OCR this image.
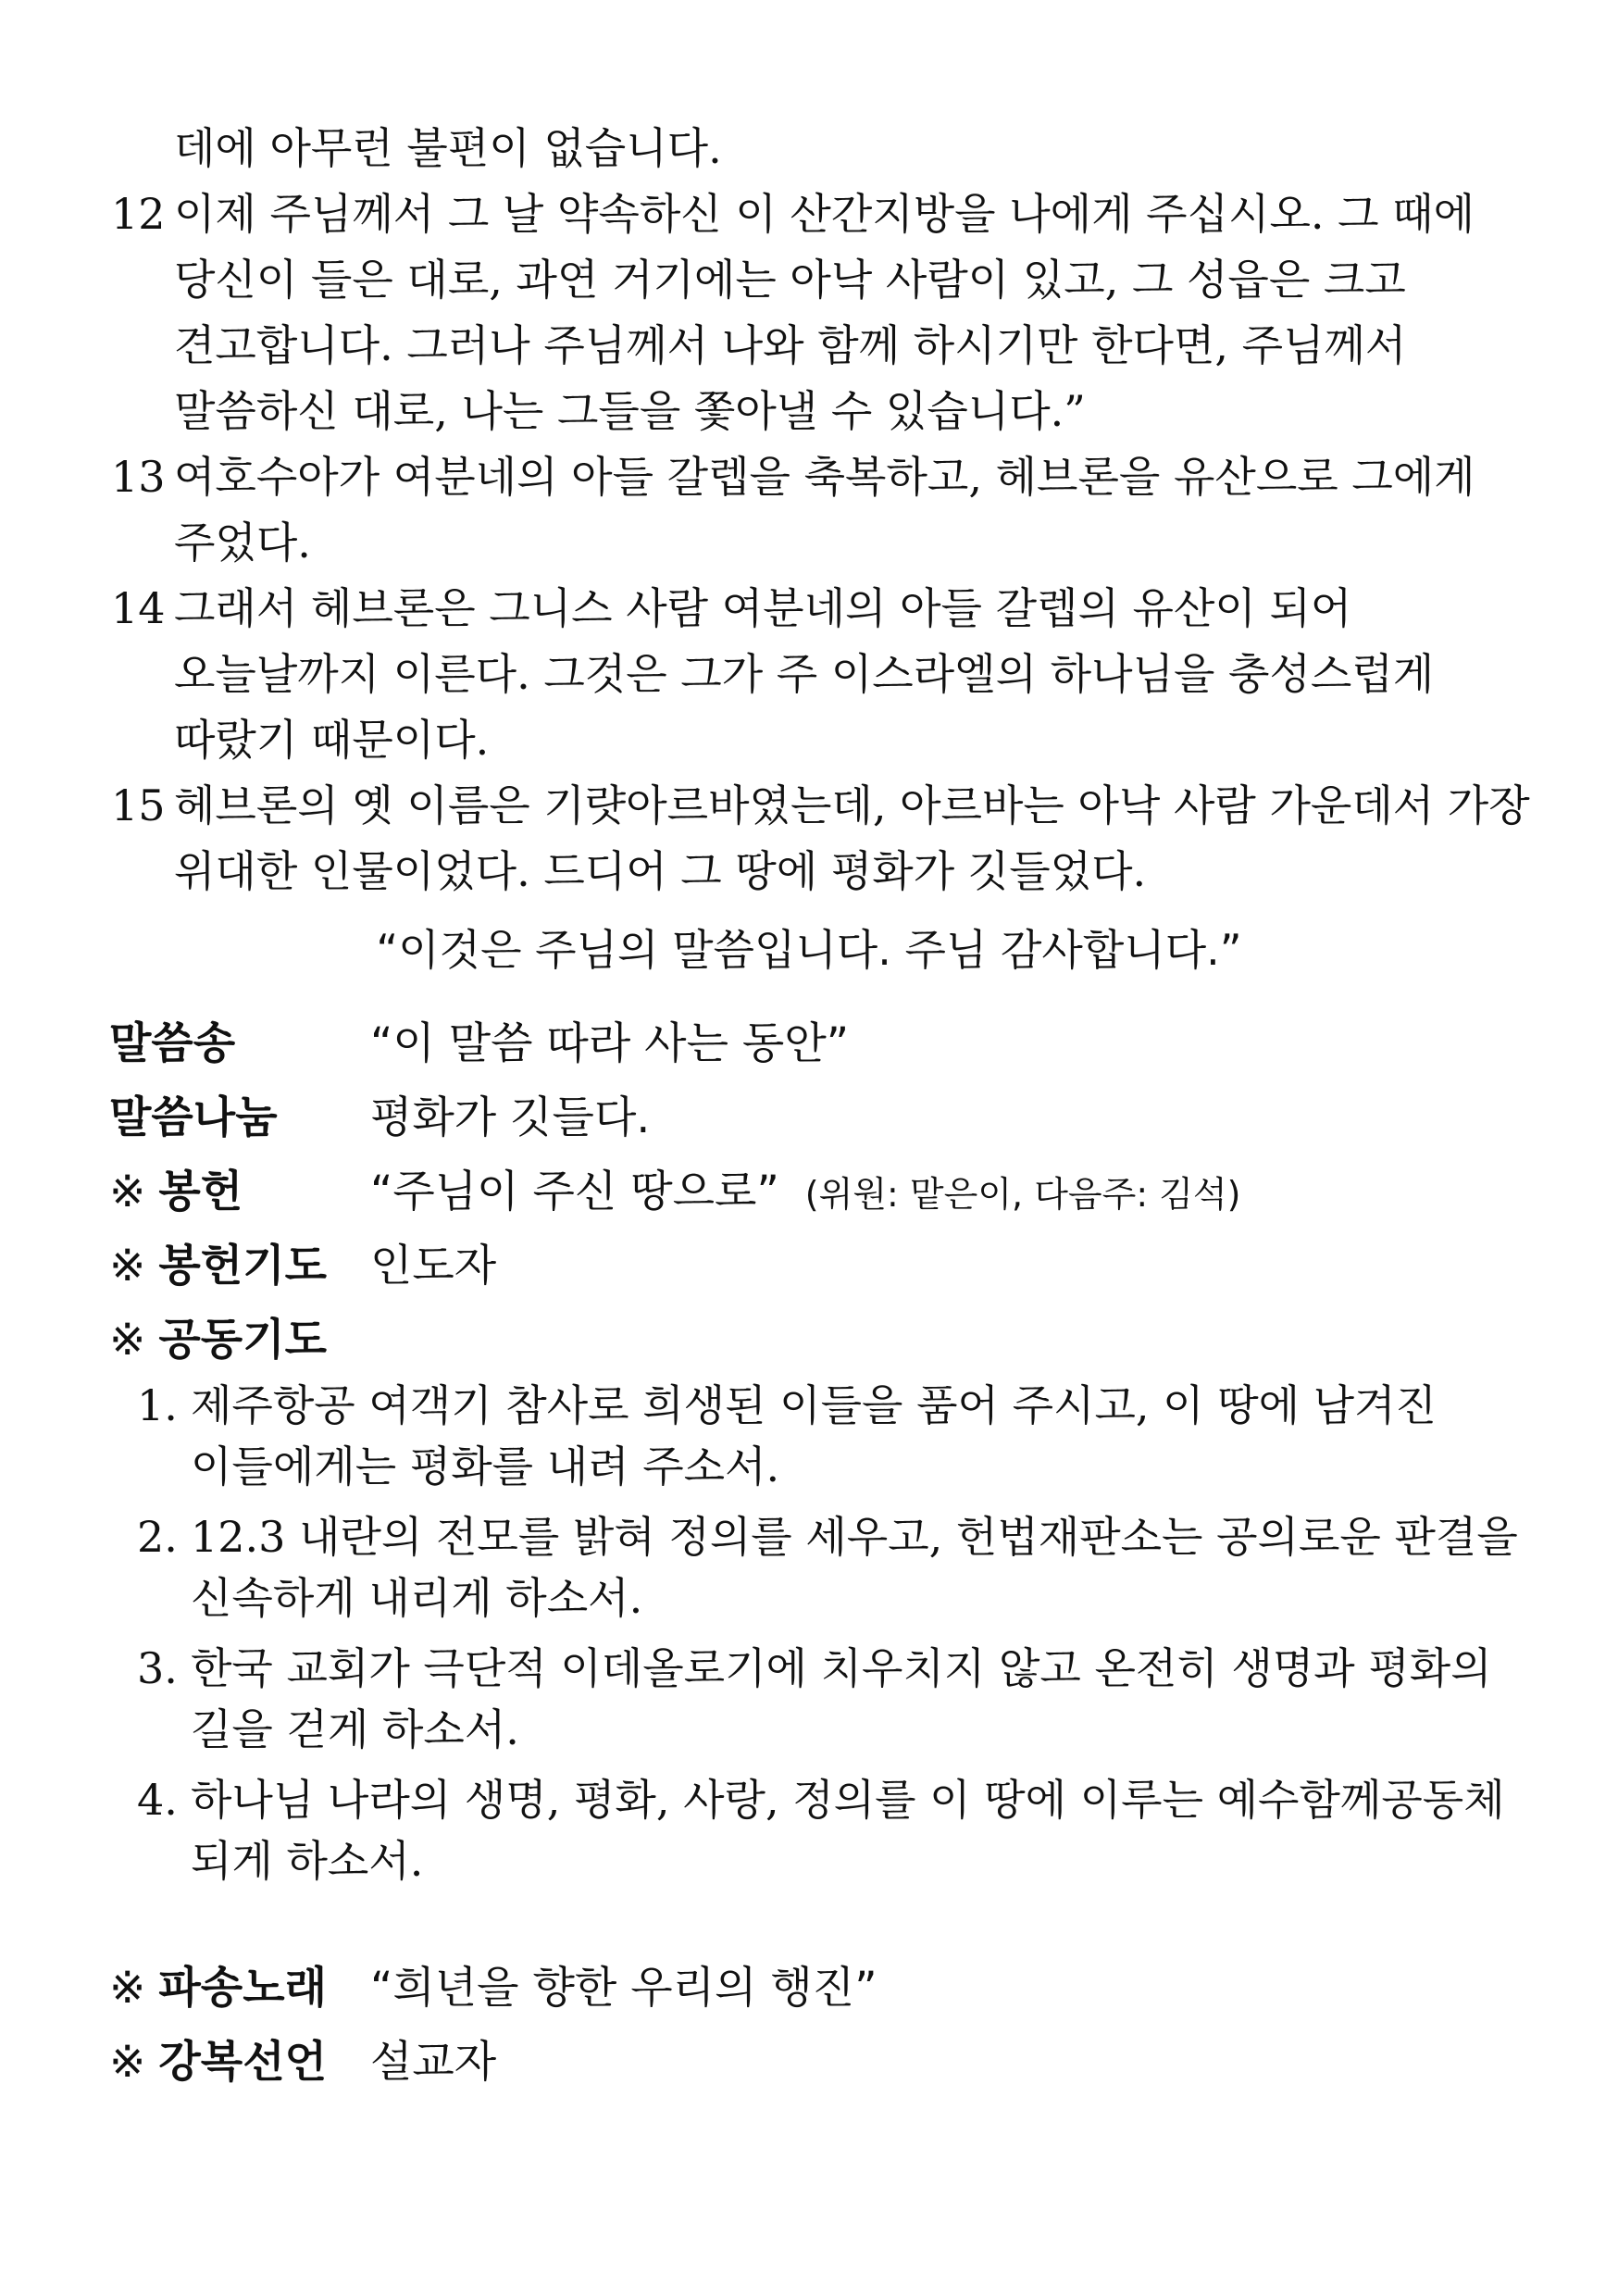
데에 아무런 불편이 없습니다.
12 이제 주님께서 그 날 약속하신 이 산간지방을 나에게 주십시오. 그 때에
당신이 들은 대로, 과연 거기에는 아낙 사람이 있고, 그 성읍은 크고
견고합니다. 그러나 주님께서 나와 함께 하시기만 한다면, 주님께서
말씀하신 대로, 나는 그들을 쫓아낼 수 있습니다.”
13 여호수아가 여분네의 아들 갈렙을 축복하고, 헤브론을 유산으로 그에게
주었다.
14 그래서 헤브론은 그니스 사람 여분네의 아들 갈렙의 유산이 되어
오늘날까지 이른다. 그것은 그가 주 이스라엘의 하나님을 충성스럽게
따랐기 때문이다.
15 헤브론의 옛 이름은 기럇아르바였는데, 아르바는 아낙 사람 가운데서 가장
위대한 인물이었다. 드디어 그 땅에 평화가 깃들었다.
“이것은 주님의 말씀입니다. 주님 감사합니다.”
말씀송	“이 말씀 따라 사는 동안”
말씀나눔	평화가 깃들다.
※ 봉헌	“주님이 주신 땅으로” (위원: 맡은이, 다음주: 김석)
※ 봉헌기도	인도자
※ 공동기도
1. 제주항공 여객기 참사로 희생된 이들을 품어 주시고, 이 땅에 남겨진
이들에게는 평화를 내려 주소서.
2. 12.3 내란의 전모를 밝혀 정의를 세우고, 헌법재판소는 공의로운 판결을
신속하게 내리게 하소서.
3. 한국 교회가 극단적 이데올로기에 치우치지 않고 온전히 생명과 평화의
길을 걷게 하소서.
4. 하나님 나라의 생명, 평화, 사랑, 정의를 이 땅에 이루는 예수함께공동체
되게 하소서.
※ 파송노래	“희년을 향한 우리의 행진”
※ 강복선언	설교자
